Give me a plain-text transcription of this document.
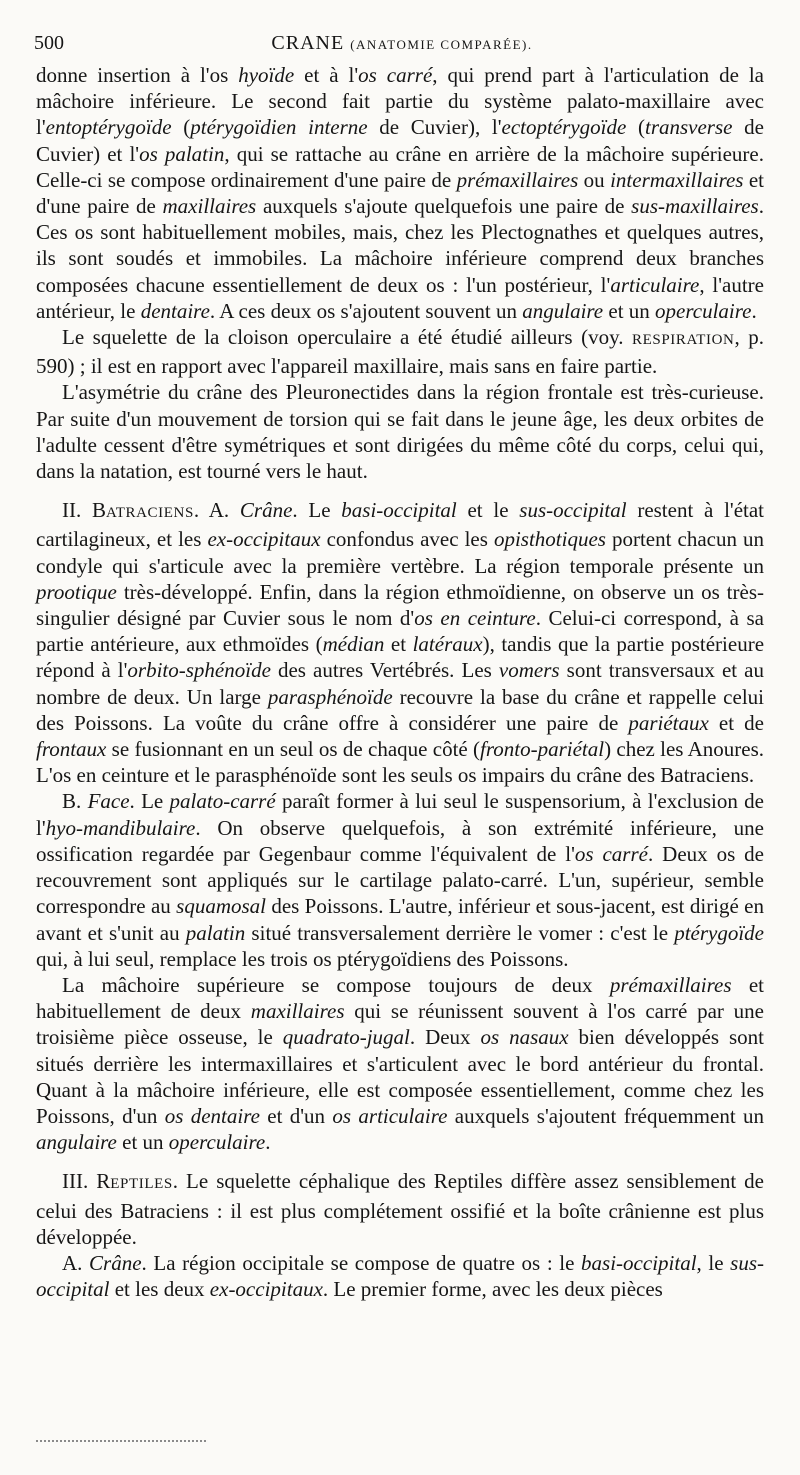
500	CRANE (ANATOMIE COMPARÉE).

donne insertion à l'os hyoïde et à l'os carré, qui prend part à l'articulation de la mâchoire inférieure. Le second fait partie du système palato-maxillaire avec l'entoptérygoïde (ptérygoïdien interne de Cuvier), l'ectoptérygoïde (transverse de Cuvier) et l'os palatin, qui se rattache au crâne en arrière de la mâchoire supérieure. Celle-ci se compose ordinairement d'une paire de prémaxillaires ou intermaxillaires et d'une paire de maxillaires auxquels s'ajoute quelquefois une paire de sus-maxillaires. Ces os sont habituellement mobiles, mais, chez les Plectognathes et quelques autres, ils sont soudés et immobiles. La mâchoire inférieure comprend deux branches composées chacune essentiellement de deux os : l'un postérieur, l'articulaire, l'autre antérieur, le dentaire. A ces deux os s'ajoutent souvent un angulaire et un operculaire.

Le squelette de la cloison operculaire a été étudié ailleurs (voy. RESPIRATION, p. 590) ; il est en rapport avec l'appareil maxillaire, mais sans en faire partie.

L'asymétrie du crâne des Pleuronectides dans la région frontale est très-curieuse. Par suite d'un mouvement de torsion qui se fait dans le jeune âge, les deux orbites de l'adulte cessent d'être symétriques et sont dirigées du même côté du corps, celui qui, dans la natation, est tourné vers le haut.

II. BATRACIENS. A. Crâne. Le basi-occipital et le sus-occipital restent à l'état cartilagineux, et les ex-occipitaux confondus avec les opisthotiques portent chacun un condyle qui s'articule avec la première vertèbre. La région temporale présente un prootique très-développé. Enfin, dans la région ethmoïdienne, on observe un os très-singulier désigné par Cuvier sous le nom d'os en ceinture. Celui-ci correspond, à sa partie antérieure, aux ethmoïdes (médian et latéraux), tandis que la partie postérieure répond à l'orbito-sphénoïde des autres Vertébrés. Les vomers sont transversaux et au nombre de deux. Un large parasphénoïde recouvre la base du crâne et rappelle celui des Poissons. La voûte du crâne offre à considérer une paire de pariétaux et de frontaux se fusionnant en un seul os de chaque côté (fronto-pariétal) chez les Anoures. L'os en ceinture et le parasphénoïde sont les seuls os impairs du crâne des Batraciens.

B. Face. Le palato-carré paraît former à lui seul le suspensorium, à l'exclusion de l'hyo-mandibulaire. On observe quelquefois, à son extrémité inférieure, une ossification regardée par Gegenbaur comme l'équivalent de l'os carré. Deux os de recouvrement sont appliqués sur le cartilage palato-carré. L'un, supérieur, semble correspondre au squamosal des Poissons. L'autre, inférieur et sous-jacent, est dirigé en avant et s'unit au palatin situé transversalement derrière le vomer : c'est le ptérygoïde qui, à lui seul, remplace les trois os ptérygoïdiens des Poissons.

La mâchoire supérieure se compose toujours de deux prémaxillaires et habituellement de deux maxillaires qui se réunissent souvent à l'os carré par une troisième pièce osseuse, le quadrato-jugal. Deux os nasaux bien développés sont situés derrière les intermaxillaires et s'articulent avec le bord antérieur du frontal. Quant à la mâchoire inférieure, elle est composée essentiellement, comme chez les Poissons, d'un os dentaire et d'un os articulaire auxquels s'ajoutent fréquemment un angulaire et un operculaire.

III. REPTILES. Le squelette céphalique des Reptiles diffère assez sensiblement de celui des Batraciens : il est plus complétement ossifié et la boîte crânienne est plus développée.

A. Crâne. La région occipitale se compose de quatre os : le basi-occipital, le sus-occipital et les deux ex-occipitaux. Le premier forme, avec les deux pièces
